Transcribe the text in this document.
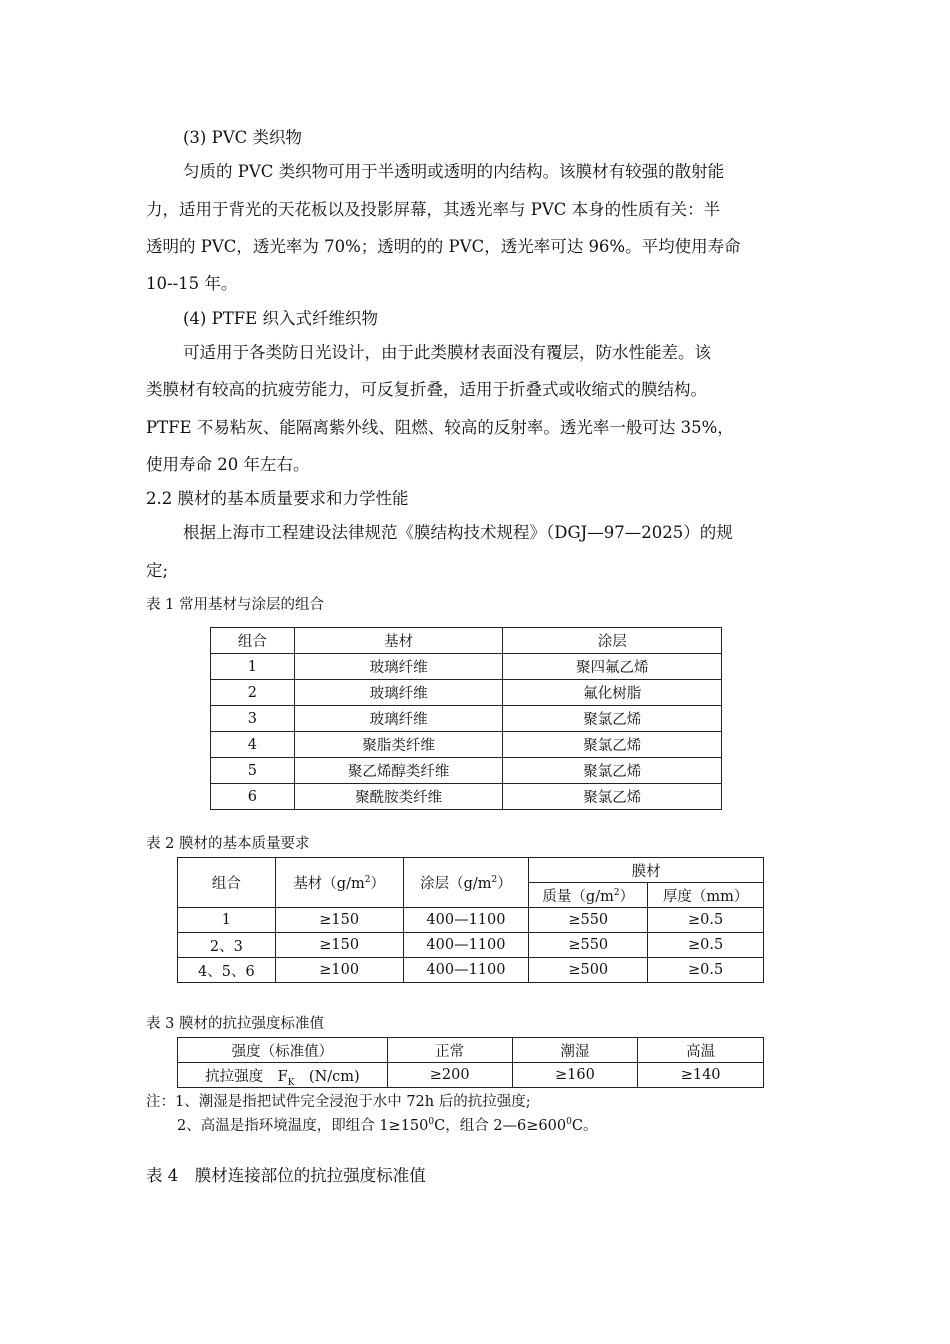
(3) PVC 类织物
匀质的 PVC 类织物可用于半透明或透明的内结构。该膜材有较强的散射能
力，适用于背光的天花板以及投影屏幕，其透光率与 PVC 本身的性质有关：半
透明的 PVC，透光率为 70%；透明的的 PVC，透光率可达 96%。平均使用寿命
10--15 年。
(4) PTFE 织入式纤维织物
可适用于各类防日光设计，由于此类膜材表面没有覆层，防水性能差。该
类膜材有较高的抗疲劳能力，可反复折叠，适用于折叠式或收缩式的膜结构。
PTFE 不易粘灰、能隔离紫外线、阻燃、较高的反射率。透光率一般可达 35%，
使用寿命 20 年左右。
2.2 膜材的基本质量要求和力学性能
根据上海市工程建设法律规范《膜结构技术规程》（DGJ—97—2025）的规
定;
表 1 常用基材与涂层的组合
组合	基材	涂层
1	玻璃纤维	聚四氟乙烯
2	玻璃纤维	氟化树脂
3	玻璃纤维	聚氯乙烯
4	聚脂类纤维	聚氯乙烯
5	聚乙烯醇类纤维	聚氯乙烯
6	聚酰胺类纤维	聚氯乙烯
表 2 膜材的基本质量要求
组合	基材$(g/m^2)$	涂层$(g/m^2)$	膜材	
			质量$(g/m^2)$	厚度（mm）
1	≥150	400—1100	≥550	≥0.5
2、3	≥150	400—1100	≥550	≥0.5
4、5、6	≥100	400—1100	≥500	≥0.5
表 3 膜材的抗拉强度标准值
强度（标准值）	正常	潮湿	高温
抗拉强度　$F_K$　(N/cm)	≥200	≥160	≥140
注：1、潮湿是指把试件完全浸泡于水中 72h 后的抗拉强度;
2、高温是指环境温度，即组合 $1\ge 150^0C$，组合 $2—6\ge 600^0C$。
表 4　膜材连接部位的抗拉强度标准值
